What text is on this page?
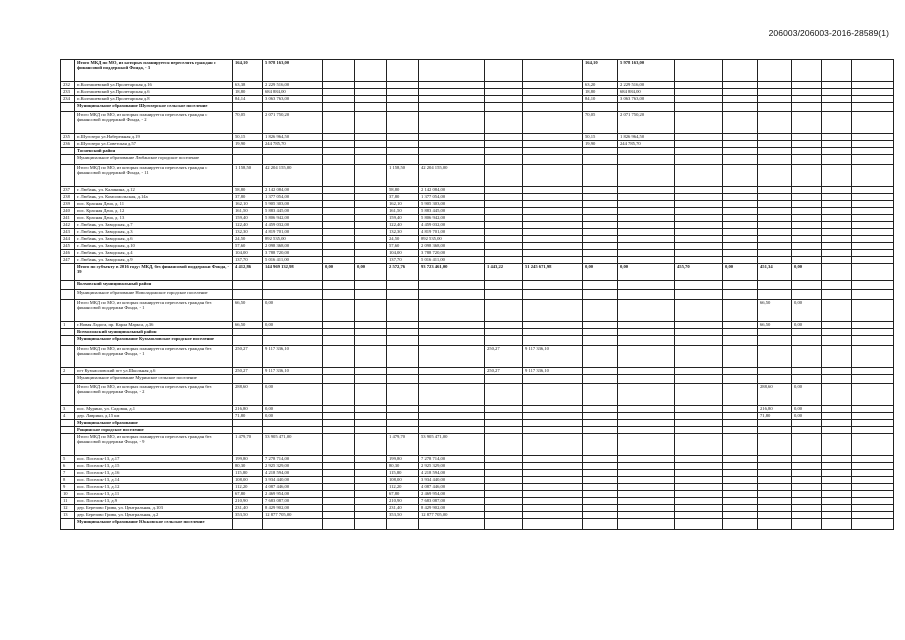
206003/206003-2016-28589(1)
	Итого МКД по МО, из которых планируется переселять граждан с финансовой поддержкой Фонда, - 3	164,10	5 978 163,00							164,10	5 978 163,00						
232	п.Колташевский ул.Пролетарская д.16	63,38	2 229 516,00							63,20	2 229 516,00						
233	п.Колташевский ул.Пролетарская д.6	18,80	684 884,00							18,80	684 884,00						
234	п.Колташевский ул.Пролетарская д.8	84,14	3 063 763,00							84,10	3 063 763,00						
	Муниципальное образование Шугозерское сельское поселение																
	Итого МКД по МО, из которых планируется переселять граждан с финансовой поддержкой Фонда, - 2	70,05	2 071 750,20							70,05	2 071 750,20						
235	п.Шугозеро ул.Набережная д.19	50,15	1 826 964,50							50,15	1 826 964,50						
236	п.Шугозеро ул.Советская д.57	19,90	244 785,70							19,90	244 785,70						
	Тосненский район																
	Муниципальное образование Любанское городское поселение																
	Итого МКД по МО, из которых планируется переселять граждан с финансовой поддержкой Фонда, - 11	1 158,50	42 204 155,00			1 158,50	42 204 155,00										
237	г. Любань, ул. Калинина, д.12	58,80	2 142 084,00			58,80	2 142 084,00										
238	г. Любань, ул. Комсомольская, д.14а	37,80	1 377 054,00			37,80	1 377 054,00										
239	пос. Красная Дача, д. 11	162,10	5 905 303,00			162,10	5 905 303,00										
240	пос. Красная Дача, д. 12	161,50	5 883 445,00			161,50	5 883 445,00										
241	пос. Красная Дача, д. 13	159,40	5 806 942,00			159,40	5 806 942,00										
242	г. Любань, ул. Заводская, д.7	122,40	4 459 032,00			122,40	4 459 032,00										
243	г. Любань, ул. Заводская, д.3	132,30	4 819 701,00			132,30	4 819 701,00										
244	г. Любань, ул. Заводская, д.6	24,50	892 535,00			24,50	892 535,00										
245	г. Любань, ул. Заводская, д.10	57,60	2 098 368,00			57,60	2 098 368,00										
246	г. Любань, ул. Заводская, д.4	104,00	3 788 720,00			104,00	3 788 720,00										
247	г. Любань, ул. Заводская, д.9	137,70	5 016 411,00			137,70	5 016 411,00										
	Итого по субъекту в 2016 году: МКД, без финансовой поддержки Фонда, - 39	4 412,86	144 969 132,98	0,00	0,00	2 572,76	93 723 461,00	1 443,22	51 245 671,98	0,00	0,00	455,70	0,00	451,34	0,00		
	Волховский муниципальный район																
	Муниципальное образование Новоладожское городское поселение																
	Итого МКД по МО, из которых планируется переселять граждан без финансовой поддержки Фонда, - 1	66,50	0,00											66,50	0,00		
1	г.Новая Ладога, пр. Карла Маркса, д.36	66,50	0,00											66,50	0,00		
	Всеволожский муниципальный район																
	Муниципальное образование Кузьмоловское городское поселение																
	Итого МКД по МО, из которых планируется переселять граждан без финансовой поддержки Фонда, - 1	250,27	9 117 336,10					250,27	9 117 336,10								
2	пгт Кузьмоловский пгт ул.Школьная д.6	250,27	9 117 336,10					250,27	9 117 336,10								
	Муниципальное образование Муринское сельское поселение																
	Итого МКД по МО, из которых планируется переселять граждан без финансовой поддержки Фонда, - 2	288,60	0,00											288,60	0,00		
3	пос. Мурино, ул. Садовая, д.1	216,80	0,00											216,80	0,00		
4	дер. Лаврики, д.15 км	71,80	0,00											71,80	0,00		
	Муниципальное образование																
	Рощинское городское поселение																
	Итого МКД по МО, из которых планируется переселять граждан без финансовой поддержки Фонда, - 9	1 479,70	53 905 471,00			1 479,70	53 905 471,00										
5	пос. Поселок-13, д.17	199,80	7 278 714,00			199,80	7 278 714,00										
6	пос. Поселок-13, д.15	80,30	2 925 329,00			80,30	2 925 329,00										
7	пос. Поселок-13, д.16	115,80	4 218 594,00			115,80	4 218 594,00										
8	пос. Поселок-13, д.14	108,00	3 934 440,00			108,00	3 934 440,00										
9	пос. Поселок-13, д.12	112,20	4 087 446,00			112,20	4 087 446,00										
10	пос. Поселок-13, д.11	67,80	2 469 954,00			67,80	2 469 954,00										
11	пос. Поселок-13, д.9	210,90	7 683 087,00			210,90	7 683 087,00										
12	дер. Березово Грива, ул. Центральная, д.103	231,40	8 429 902,00			231,40	8 429 902,00										
13	дер. Березово Грива, ул. Центральная, д.2	353,50	12 877 705,00			353,50	12 877 705,00										
	Муниципальное образование Юкковское сельское поселение																
